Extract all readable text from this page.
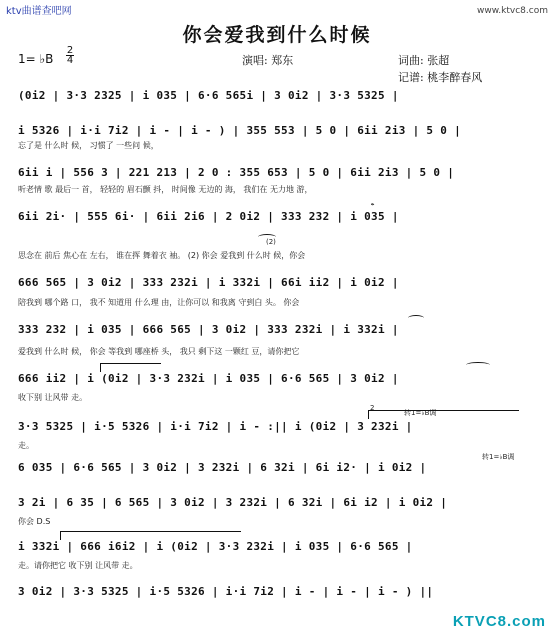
ktv曲谱查吧网	www.ktvc8.com
你会爱我到什么时候
1= ♭B
2
4	演唱: 郑东	词曲: 张超
记谱: 桃李醉春风
(0i2 | 3·3 2325 | i 035 | 6·6 565i | 3 0i2 | 3·3 5325 |
i 5326 | i·i 7i2 | i - | i - ) | 355 553 | 5 0 | 6ii 2i3 | 5 0 |
忘了是 什么时 候， 习惯了 一些问 候，
6ii i | 556 3 | 221 213 | 2 0 : 355 653 | 5 0 | 6ii 2i3 | 5 0 |
听老情 歌 最后一 首， 轻轻的 眉石颤 抖， 时间像 无边的 海， 我们在 无力地 游，
6ii 2i· | 555 6i· | 6ii 2i6 | 2 0i2 | 333 232 | i 035 |
思念在 前后 焦心在 左右， 谁在挥 舞着衣 袖。 (2) 你会 爱我到 什么时 候，你会
666 565 | 3 0i2 | 333 232i | i 332i | 66i ii2 | i 0i2 |
陪我到 哪个路 口， 我不 知道用 什么理 由，让你可以 和我离 守到白 头。 你会
333 232 | i 035 | 666 565 | 3 0i2 | 333 232i | i 332i |
爱我到 什么时 候， 你会 等我到 哪座桥 头， 我只 剩下这 一颗红 豆，请你把它
666 ii2 | i (0i2 | 3·3 232i | i 035 | 6·6 565 | 3 0i2 |
收下别 让风带 走。
3·3 5325 | i·5 5326 | i·i 7i2 | i - :|| i (0i2 | 3 232i |
走。
6 035 | 6·6 565 | 3 0i2 | 3 232i | 6 32i | 6i i2· | i 0i2 |
3 2i | 6 35 | 6 565 | 3 0i2 | 3 232i | 6 32i | 6i i2 | i 0i2 |
你会 D.S
i 332i | 666 i6i2 | i (0i2 | 3·3 232i | i 035 | 6·6 565 |
走。请你把它 收下别 让风带 走。
3 0i2 | 3·3 5325 | i·5 5326 | i·i 7i2 | i - | i - | i - ) ||
转1=♭B调
2
(2)
𝄌
转1=♭B调
KTVC8.com
